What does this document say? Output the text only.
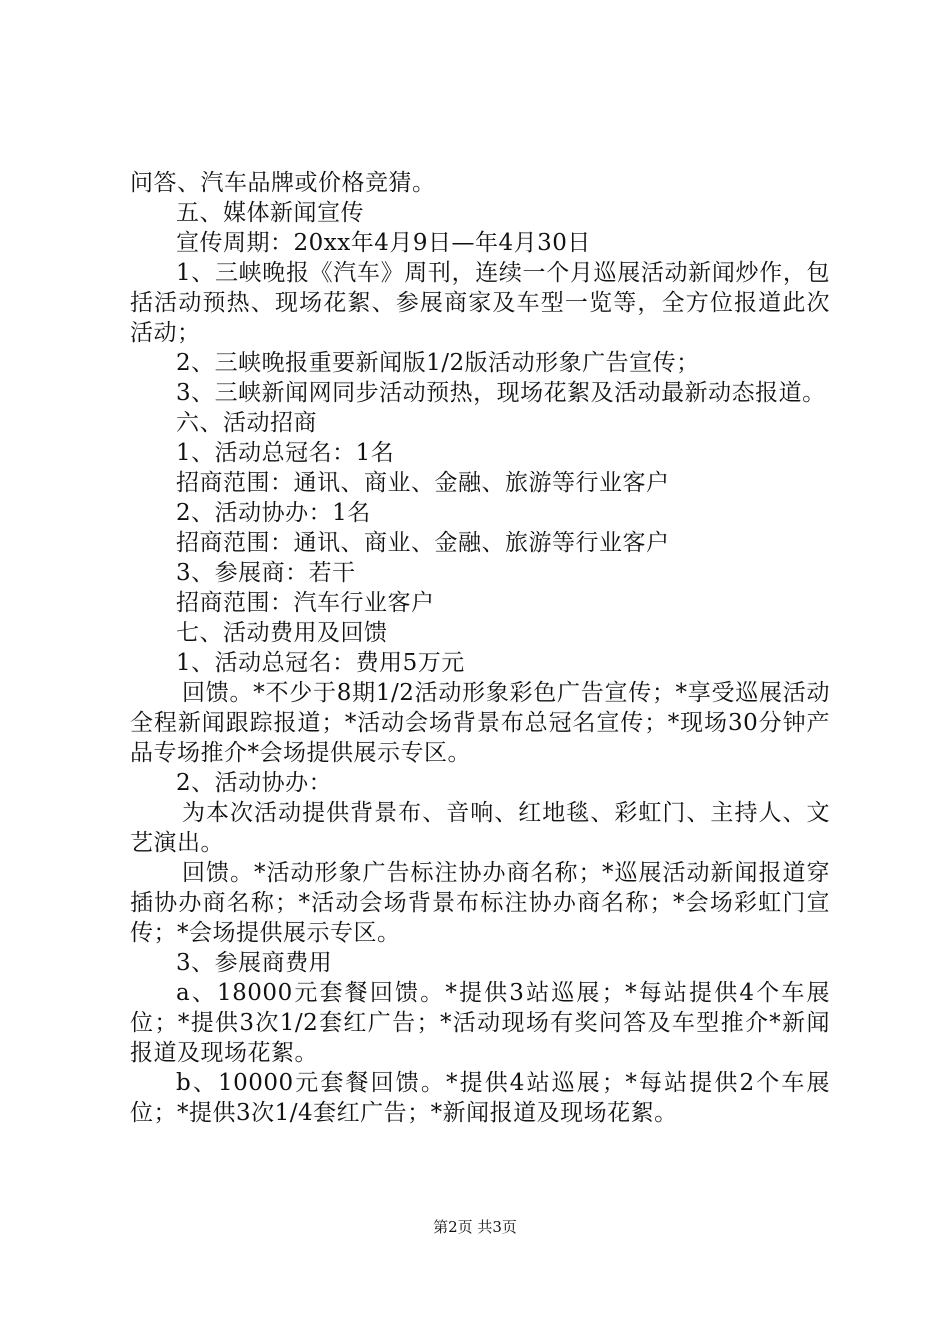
问答、汽车品牌或价格竞猜。

五、媒体新闻宣传

宣传周期：20xx年4月9日—年4月30日

1、三峡晚报《汽车》周刊，连续一个月巡展活动新闻炒作，包括活动预热、现场花絮、参展商家及车型一览等，全方位报道此次活动；

2、三峡晚报重要新闻版1/2版活动形象广告宣传；

3、三峡新闻网同步活动预热，现场花絮及活动最新动态报道。

六、活动招商

1、活动总冠名：1名

招商范围：通讯、商业、金融、旅游等行业客户

2、活动协办：1名

招商范围：通讯、商业、金融、旅游等行业客户

3、参展商：若干

招商范围：汽车行业客户

七、活动费用及回馈

1、活动总冠名：费用5万元

回馈。*不少于8期1/2活动形象彩色广告宣传；*享受巡展活动全程新闻跟踪报道；*活动会场背景布总冠名宣传；*现场30分钟产品专场推介*会场提供展示专区。

2、活动协办：

为本次活动提供背景布、音响、红地毯、彩虹门、主持人、文艺演出。

回馈。*活动形象广告标注协办商名称；*巡展活动新闻报道穿插协办商名称；*活动会场背景布标注协办商名称；*会场彩虹门宣传；*会场提供展示专区。

3、参展商费用

a、18000元套餐回馈。*提供3站巡展；*每站提供4个车展位；*提供3次1/2套红广告；*活动现场有奖问答及车型推介*新闻报道及现场花絮。

b、10000元套餐回馈。*提供4站巡展；*每站提供2个车展位；*提供3次1/4套红广告；*新闻报道及现场花絮。

第2页 共3页
